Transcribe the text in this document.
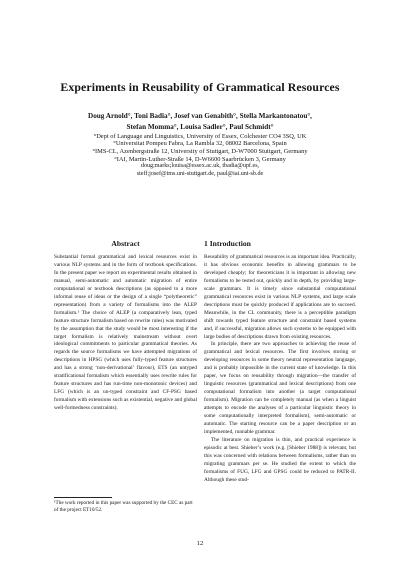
Experiments in Reusability of Grammatical Resources
Doug Arnold°, Toni Badia°, Josef van Genabith°, Stella Markantonatou°,
Stefan Momma°, Louisa Sadler°, Paul Schmidt°
°Dept of Language and Linguistics, University of Essex, Colchester CO4 3SQ, UK
°Universitat Pompeu Fabra, La Rambla 32, 08002 Barcelona, Spain
°IMS-CL, Azenbergstraße 12, University of Stuttgart, D-W7000 Stuttgart, Germany
°IAI, Martin-Luther-Straße 14, D-W6600 Saarbrücken 3, Germany
doug;marks;louisa@essex.ac.uk, tbadia@upf.es,
steff;josef@ims.uni-stuttgart.de, paul@iai.uni-sb.de
Abstract

Substantial formal grammatical and lexical resources exist in various NLP systems and in the form of textbook specifications. In the present paper we report on experimental results obtained in manual, semi-automatic and automatic migration of entire computational or textbook descriptions (as opposed to a more informal reuse of ideas or the design of a single “polytheoretic” representation) from a variety of formalisms into the ALEP formalism.¹ The choice of ALEP (a comparatively lean, typed feature structure formalism based on rewrite rules) was motivated by the assumption that the study would be most interesting if the target formalism is relatively mainstream without overt ideological commitments to particular grammatical theories. As regards the source formalisms we have attempted migrations of descriptions in HPSG (which uses fully-typed feature structures and has a strong ‘non-derivational’ flavour), ETS (an untyped stratificational formalism which essentially uses rewrite rules for feature structures and has run-time non-monotonic devices) and LFG (which is an un-typed constraint and CF-PSG based formalism with extensions such as existential, negative and global well-formedness constraints).

1 Introduction

Reusability of grammatical resources is an important idea. Practically, it has obvious economic benefits in allowing grammars to be developed cheaply; for theoreticians it is important in allowing new formalisms to be tested out, quickly and in depth, by providing large-scale grammars. It is timely since substantial computational grammatical resources exist in various NLP systems, and large scale descriptions must be quickly produced if applications are to succeed. Meanwhile, in the CL community, there is a perceptible paradigm shift towards typed feature structure and constraint based systems and, if successful, migration allows such systems to be equipped with large bodies of descriptions drawn from existing resources.

In principle, there are two approaches to achieving the reuse of grammatical and lexical resources. The first involves storing or developing resources in some theory neutral representation language, and is probably impossible in the current state of knowledge. In this paper, we focus on reusability through migration—the transfer of linguistic resources (grammatical and lexical descriptions) from one computational formalism into another (a target computational formalism). Migration can be completely manual (as when a linguist attempts to encode the analyses of a particular linguistic theory in some computationally interpreted formalism), semi-automatic or automatic. The starting resource can be a paper description or an implemented, runnable grammar.

The literature on migration is thin, and practical experience is episodic at best. Shieber’s work (e.g. [Shieber 1988]) is relevant, but this was concerned with relations between formalisms, rather than on migrating grammars per se. He studied the extent to which the formalisms of FUG, LFG and GPSG could be reduced to PATR-II. Although these stud-

¹The work reported in this paper was supported by the CEC as part of the project ET10/52.

12
